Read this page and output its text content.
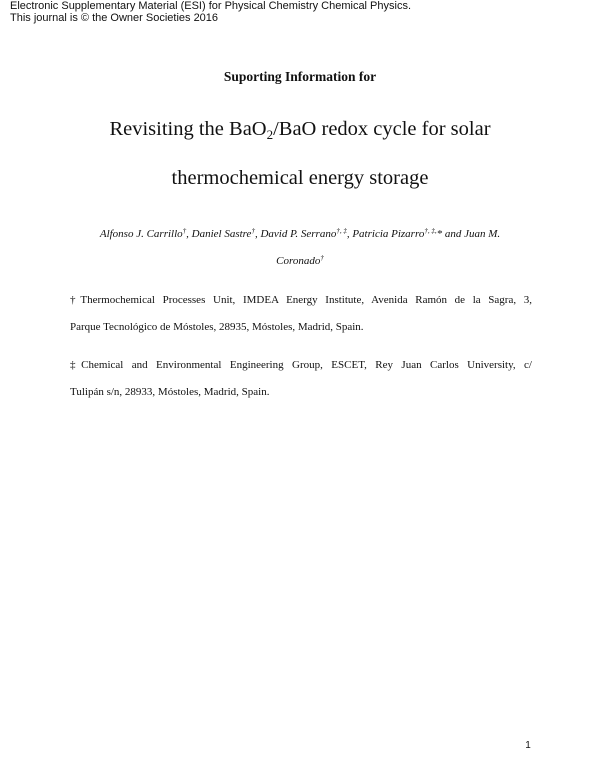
Electronic Supplementary Material (ESI) for Physical Chemistry Chemical Physics.
This journal is © the Owner Societies 2016
Suporting Information for
Revisiting the BaO$_2$/BaO redox cycle for solar
thermochemical energy storage
Alfonso J. Carrillo†, Daniel Sastre†, David P. Serrano†, ‡, Patricia Pizarro†, ‡,* and Juan M.
Coronado†
†Thermochemical Processes Unit, IMDEA Energy Institute, Avenida Ramón de la Sagra, 3,
Parque Tecnológico de Móstoles, 28935, Móstoles, Madrid, Spain.
‡Chemical and Environmental Engineering Group, ESCET, Rey Juan Carlos University, c/
Tulipán s/n, 28933, Móstoles, Madrid, Spain.
1
